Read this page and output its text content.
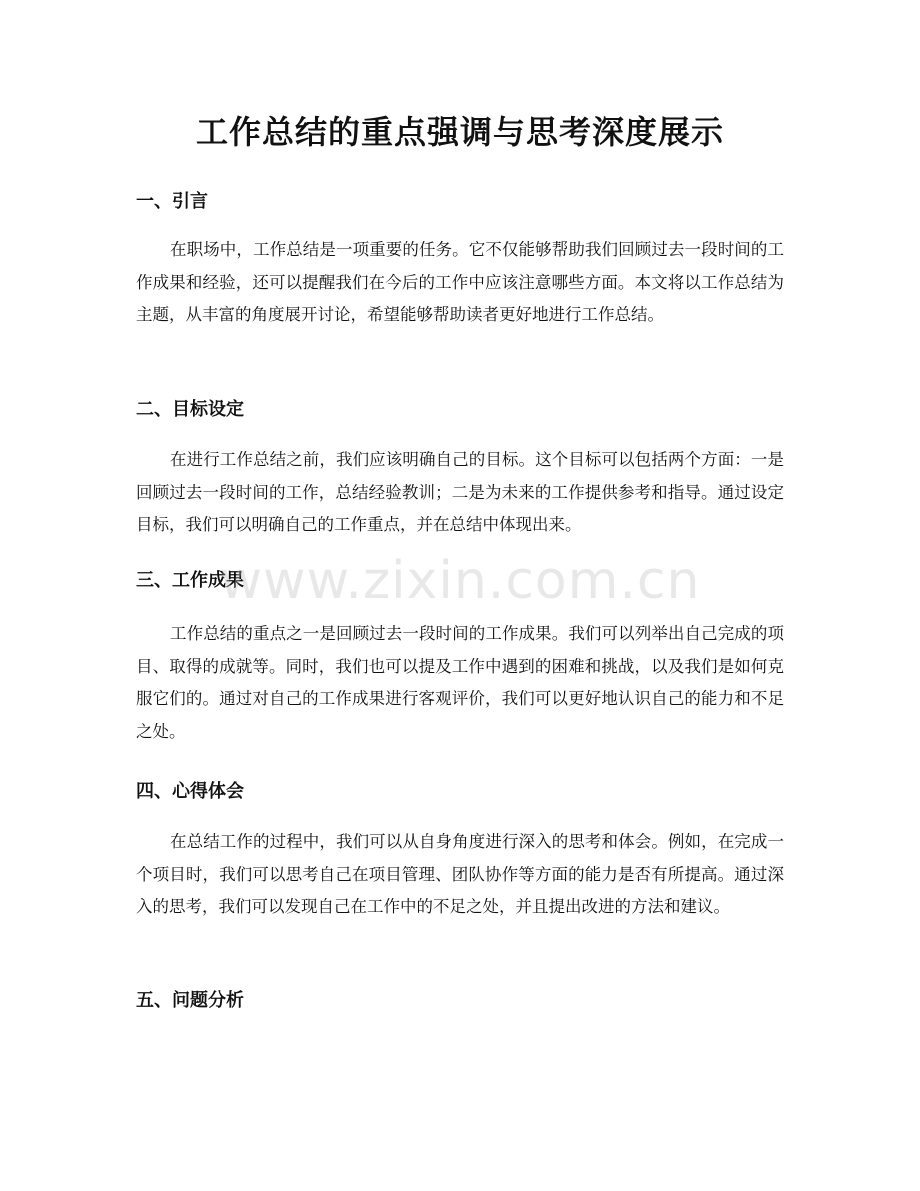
工作总结的重点强调与思考深度展示
一、引言

在职场中，工作总结是一项重要的任务。它不仅能够帮助我们回顾过去一段时间的工作成果和经验，还可以提醒我们在今后的工作中应该注意哪些方面。本文将以工作总结为主题，从丰富的角度展开讨论，希望能够帮助读者更好地进行工作总结。

二、目标设定

在进行工作总结之前，我们应该明确自己的目标。这个目标可以包括两个方面：一是回顾过去一段时间的工作，总结经验教训；二是为未来的工作提供参考和指导。通过设定目标，我们可以明确自己的工作重点，并在总结中体现出来。

三、工作成果

工作总结的重点之一是回顾过去一段时间的工作成果。我们可以列举出自己完成的项目、取得的成就等。同时，我们也可以提及工作中遇到的困难和挑战，以及我们是如何克服它们的。通过对自己的工作成果进行客观评价，我们可以更好地认识自己的能力和不足之处。

四、心得体会

在总结工作的过程中，我们可以从自身角度进行深入的思考和体会。例如，在完成一个项目时，我们可以思考自己在项目管理、团队协作等方面的能力是否有所提高。通过深入的思考，我们可以发现自己在工作中的不足之处，并且提出改进的方法和建议。

五、问题分析
www.zixin.com.cn
